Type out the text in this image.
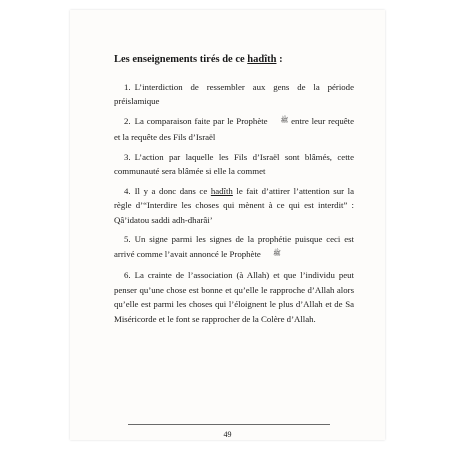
Les enseignements tirés de ce hadîth :
1. L’interdiction de ressembler aux gens de la période préislamique
2. La comparaison faite par le Prophète ﷺ entre leur requête et la requête des Fils d’Israël
3. L’action par laquelle les Fils d’Israël sont blâmés, cette communauté sera blâmée si elle la commet
4. Il y a donc dans ce hadîth le fait d’attirer l’attention sur la règle d’“Interdire les choses qui mènent à ce qui est interdit” : Qâ’idatou saddi adh-dharâi’
5. Un signe parmi les signes de la prophétie puisque ceci est arrivé comme l’avait annoncé le Prophète ﷺ
6. La crainte de l’association (à Allah) et que l’individu peut penser qu’une chose est bonne et qu’elle le rapproche d’Allah alors qu’elle est parmi les choses qui l’éloignent le plus d’Allah et de Sa Miséricorde et le font se rapprocher de la Colère d’Allah.
49
